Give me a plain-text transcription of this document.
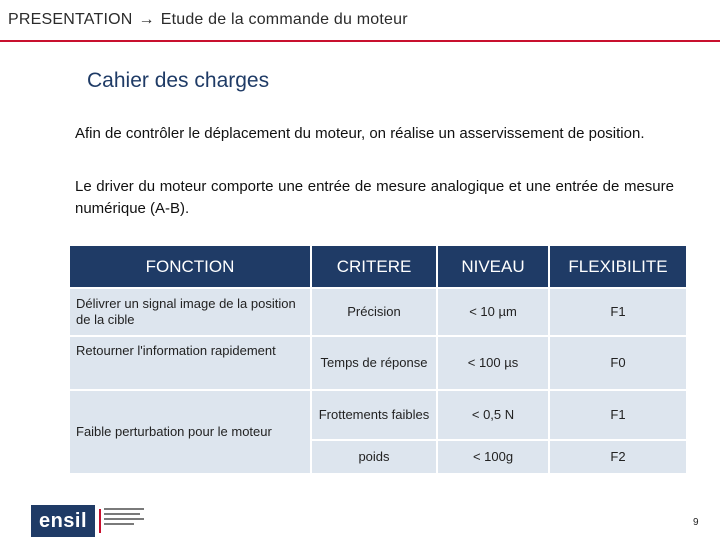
PRESENTATION → Etude de la commande du moteur
Cahier des charges
Afin de contrôler le déplacement du moteur, on réalise un asservissement de position.
Le driver du moteur comporte une entrée de mesure analogique et une entrée de mesure numérique (A-B).
FONCTION	CRITERE	NIVEAU	FLEXIBILITE
Délivrer un signal image de la position de la cible	Précision	< 10 µm	F1
Retourner l'information rapidement	Temps de réponse	< 100 µs	F0
Faible perturbation pour le moteur	Frottements faibles	< 0,5 N	F1
	poids	< 100g	F2
ensil	9
